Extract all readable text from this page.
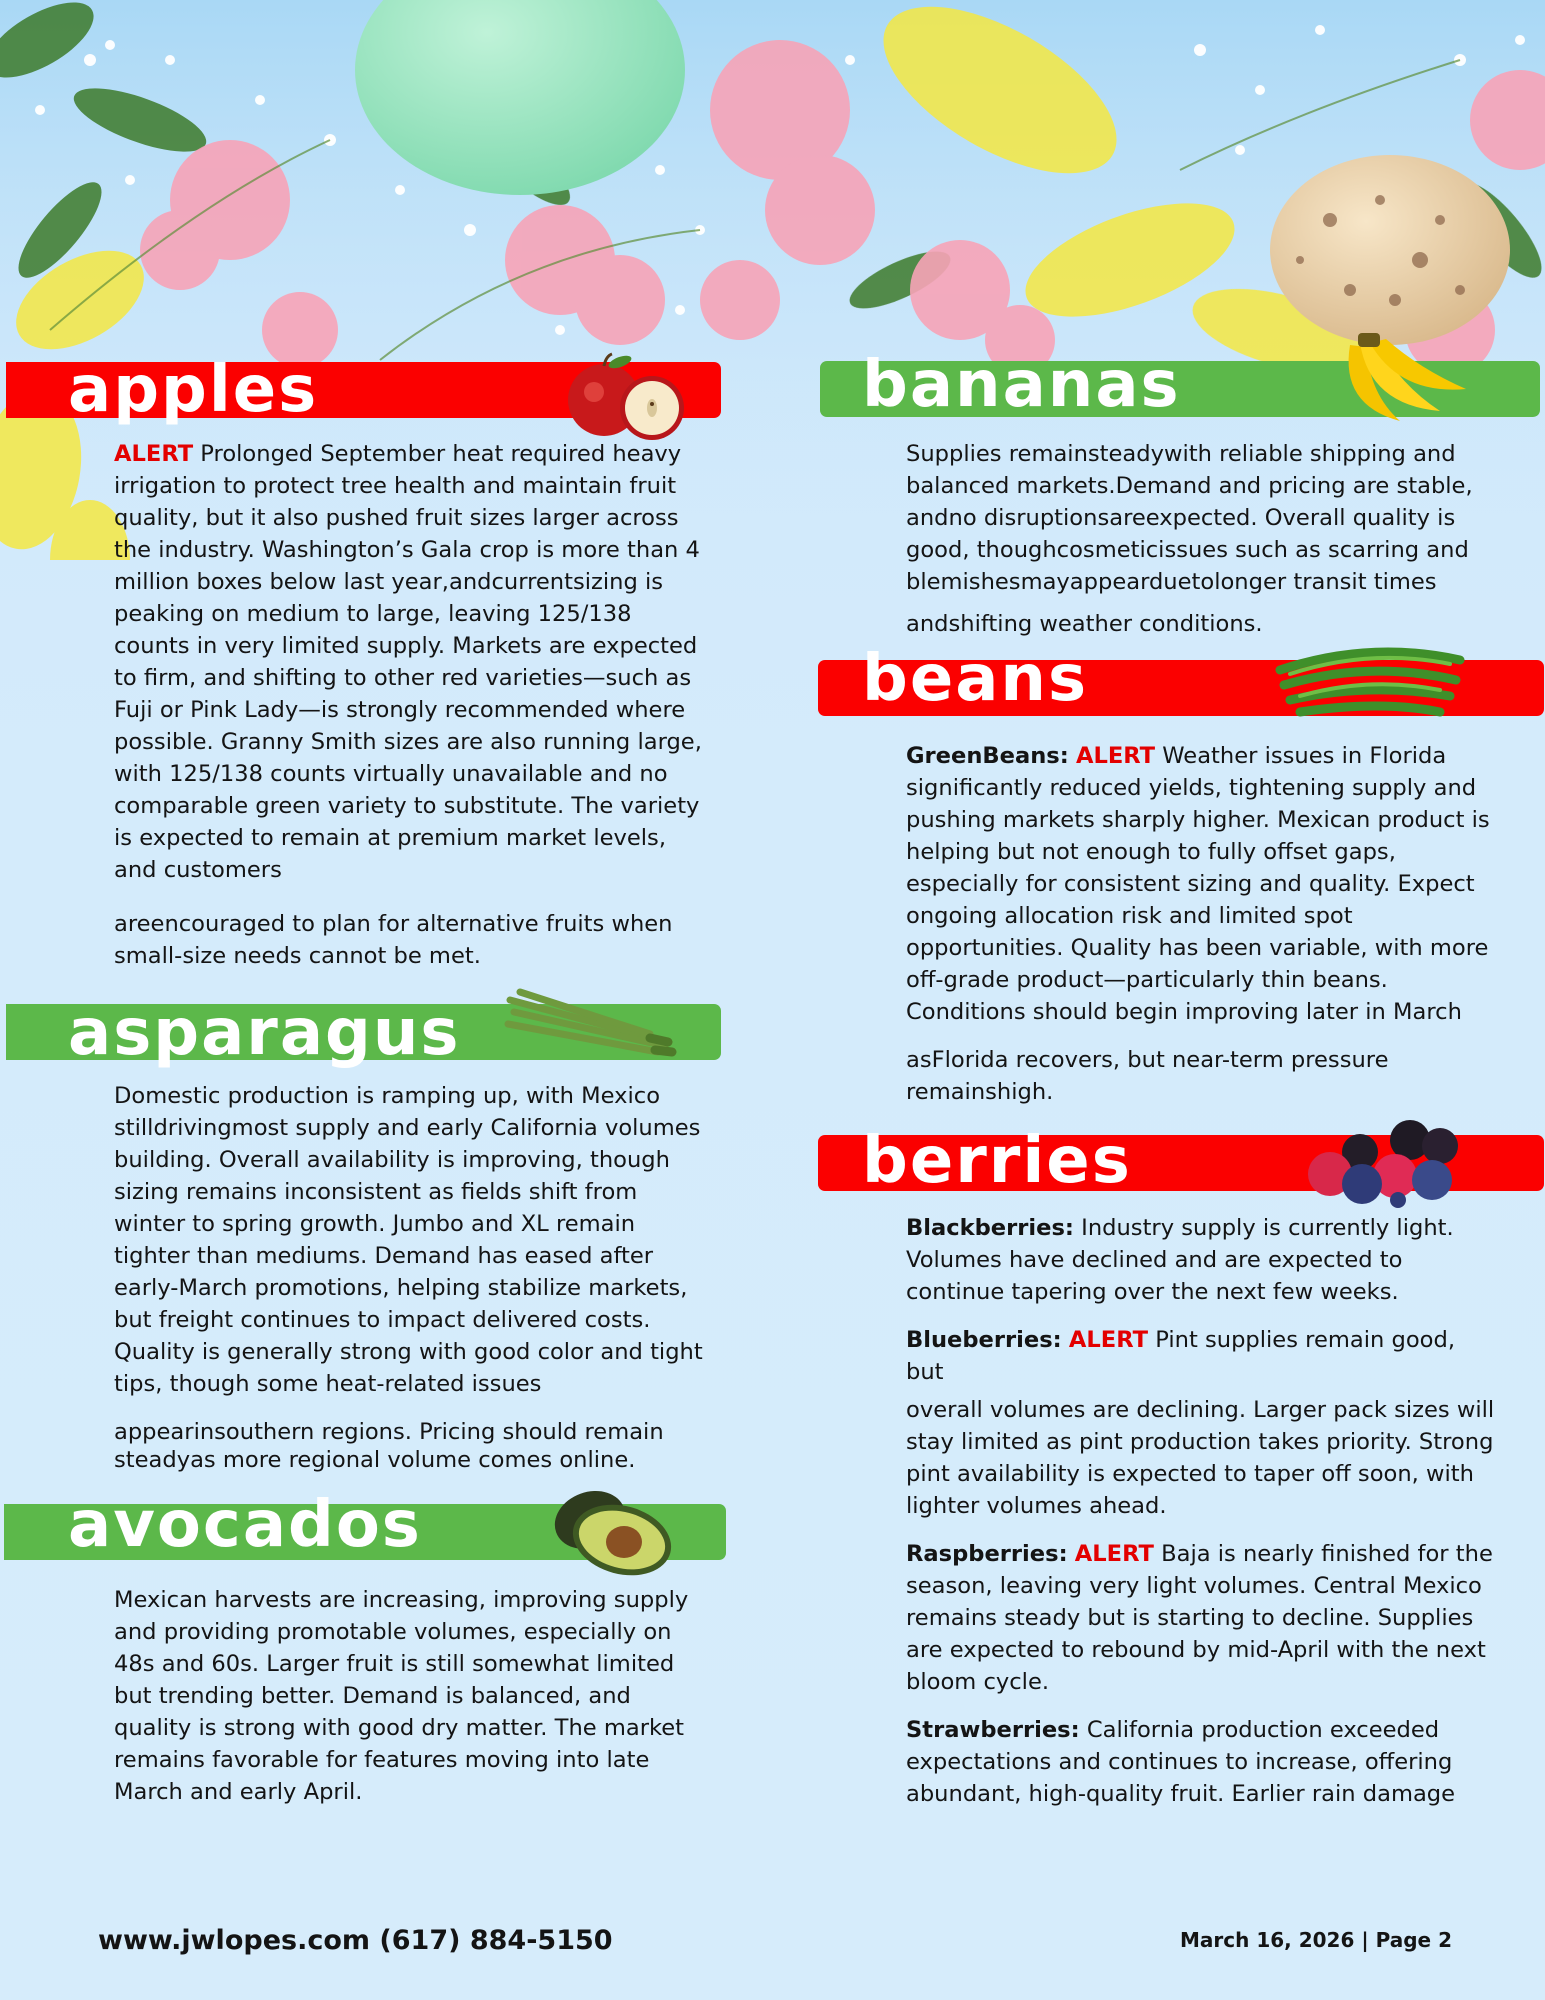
apples

ALERT Prolonged September heat required heavy irrigation to protect tree health and maintain fruit quality, but it also pushed fruit sizes larger across the industry. Washington’s Gala crop is more than 4 million boxes below last year,andcurrentsizing is peaking on medium to large, leaving 125/138 counts in very limited supply. Markets are expected to firm, and shifting to other red varieties—such as Fuji or Pink Lady—is strongly recommended where possible. Granny Smith sizes are also running large, with 125/138 counts virtually unavailable and no comparable green variety to substitute. The variety is expected to remain at premium market levels, and customers

areencouraged to plan for alternative fruits when small-size needs cannot be met.

asparagus

Domestic production is ramping up, with Mexico stilldrivingmost supply and early California volumes building. Overall availability is improving, though sizing remains inconsistent as fields shift from winter to spring growth. Jumbo and XL remain tighter than mediums. Demand has eased after early-March promotions, helping stabilize markets, but freight continues to impact delivered costs. Quality is generally strong with good color and tight tips, though some heat-related issues

appearinsouthern regions. Pricing should remain steadyas more regional volume comes online.

avocados

Mexican harvests are increasing, improving supply and providing promotable volumes, especially on 48s and 60s. Larger fruit is still somewhat limited but trending better. Demand is balanced, and quality is strong with good dry matter. The market remains favorable for features moving into late March and early April.

bananas

Supplies remainsteadywith reliable shipping and balanced markets.Demand and pricing are stable, andno disruptionsareexpected. Overall quality is good, thoughcosmeticissues such as scarring and blemishesmayappearduetolonger transit times

andshifting weather conditions.

beans

GreenBeans: ALERT Weather issues in Florida significantly reduced yields, tightening supply and pushing markets sharply higher. Mexican product is helping but not enough to fully offset gaps, especially for consistent sizing and quality. Expect ongoing allocation risk and limited spot opportunities. Quality has been variable, with more off-grade product—particularly thin beans. Conditions should begin improving later in March

asFlorida recovers, but near-term pressure remainshigh.

berries

Blackberries: Industry supply is currently light. Volumes have declined and are expected to continue tapering over the next few weeks.

Blueberries: ALERT Pint supplies remain good, but

overall volumes are declining. Larger pack sizes will stay limited as pint production takes priority. Strong pint availability is expected to taper off soon, with lighter volumes ahead.

Raspberries: ALERT Baja is nearly finished for the season, leaving very light volumes. Central Mexico remains steady but is starting to decline. Supplies are expected to rebound by mid-April with the next bloom cycle.

Strawberries: California production exceeded expectations and continues to increase, offering abundant, high-quality fruit. Earlier rain damage

www.jwlopes.com (617) 884-5150	March 16, 2026 | Page 2
